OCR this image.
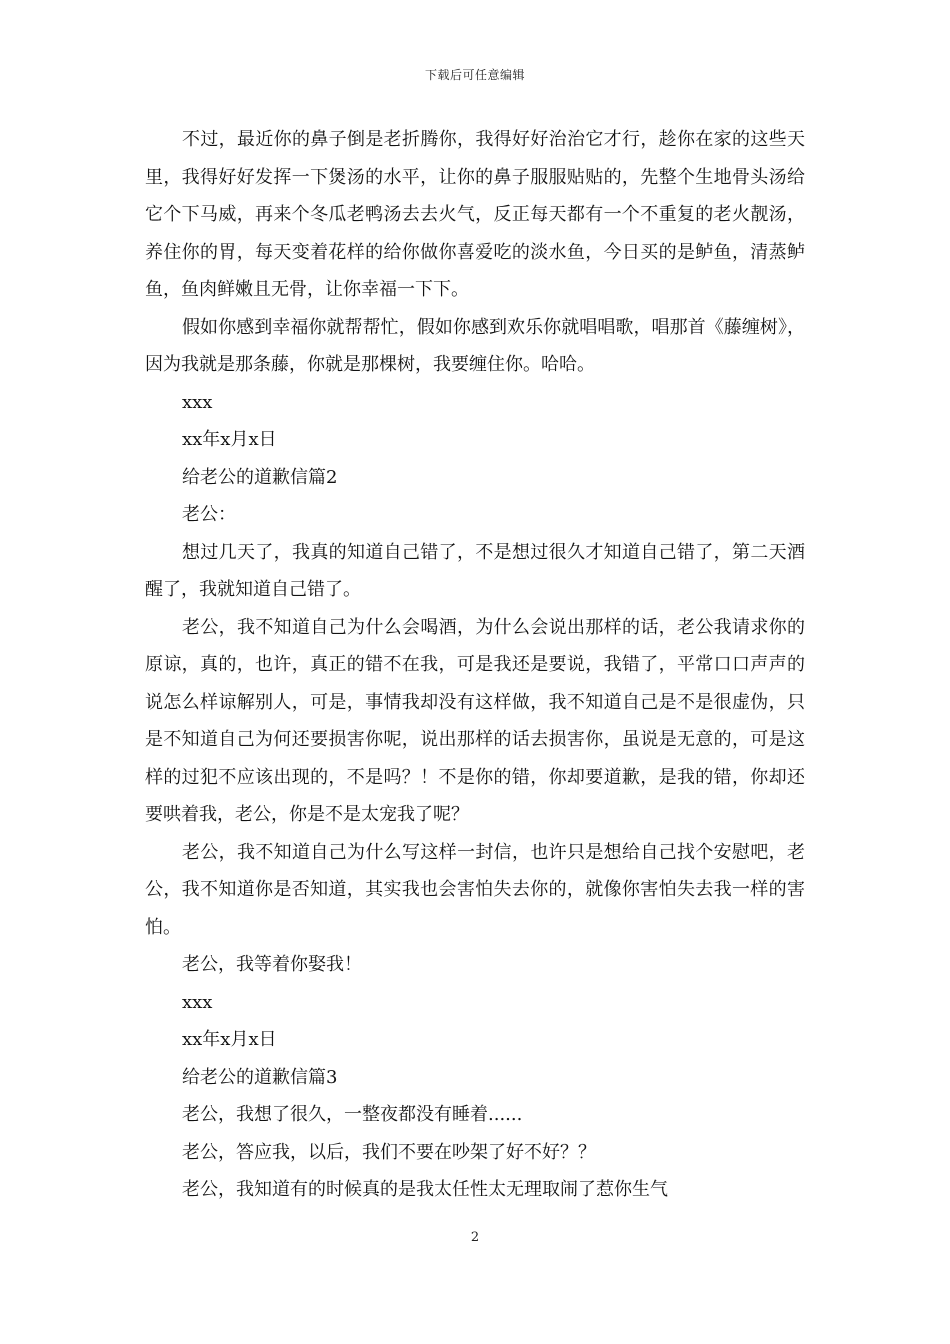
下载后可任意编辑

不过，最近你的鼻子倒是老折腾你，我得好好治治它才行，趁你在家的这些天里，我得好好发挥一下煲汤的水平，让你的鼻子服服贴贴的，先整个生地骨头汤给它个下马威，再来个冬瓜老鸭汤去去火气，反正每天都有一个不重复的老火靓汤，养住你的胃，每天变着花样的给你做你喜爱吃的淡水鱼，今日买的是鲈鱼，清蒸鲈鱼，鱼肉鲜嫩且无骨，让你幸福一下下。

假如你感到幸福你就帮帮忙，假如你感到欢乐你就唱唱歌，唱那首《藤缠树》，因为我就是那条藤，你就是那棵树，我要缠住你。哈哈。

xxx

xx年x月x日

给老公的道歉信篇2

老公：

想过几天了，我真的知道自己错了，不是想过很久才知道自己错了，第二天酒醒了，我就知道自己错了。

老公，我不知道自己为什么会喝酒，为什么会说出那样的话，老公我请求你的原谅，真的，也许，真正的错不在我，可是我还是要说，我错了，平常口口声声的说怎么样谅解别人，可是，事情我却没有这样做，我不知道自己是不是很虚伪，只是不知道自己为何还要损害你呢，说出那样的话去损害你，虽说是无意的，可是这样的过犯不应该出现的，不是吗？！不是你的错，你却要道歉，是我的错，你却还要哄着我，老公，你是不是太宠我了呢？

老公，我不知道自己为什么写这样一封信，也许只是想给自己找个安慰吧，老公，我不知道你是否知道，其实我也会害怕失去你的，就像你害怕失去我一样的害怕。

老公，我等着你娶我！

xxx

xx年x月x日

给老公的道歉信篇3

老公，我想了很久，一整夜都没有睡着......

老公，答应我，以后，我们不要在吵架了好不好？？

老公，我知道有的时候真的是我太任性太无理取闹了惹你生气

2
